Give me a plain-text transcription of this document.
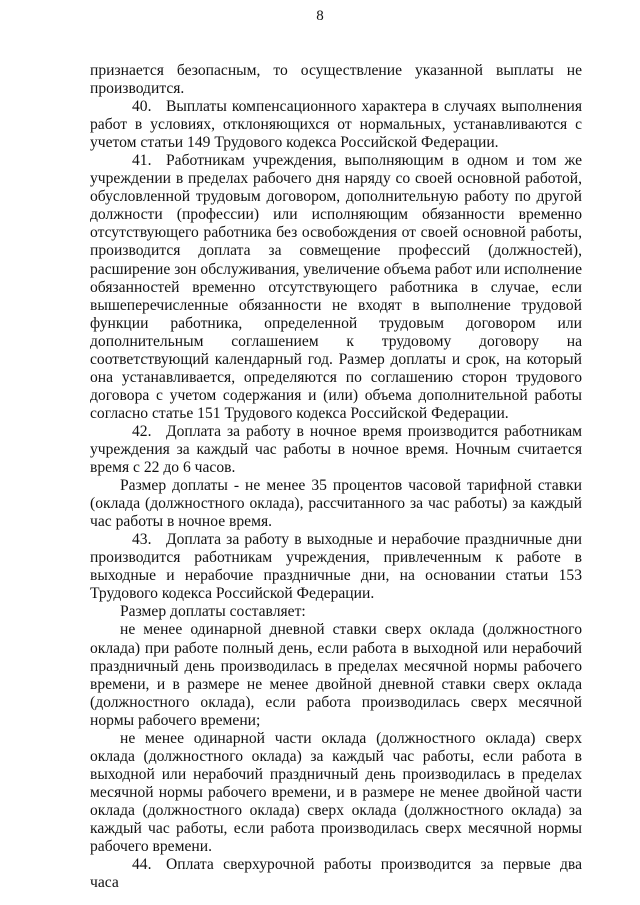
8

признается безопасным, то осуществление указанной выплаты не производится.

40. Выплаты компенсационного характера в случаях выполнения работ в условиях, отклоняющихся от нормальных, устанавливаются с учетом статьи 149 Трудового кодекса Российской Федерации.

41. Работникам учреждения, выполняющим в одном и том же учреждении в пределах рабочего дня наряду со своей основной работой, обусловленной трудовым договором, дополнительную работу по другой должности (профессии) или исполняющим обязанности временно отсутствующего работника без освобождения от своей основной работы, производится доплата за совмещение профессий (должностей), расширение зон обслуживания, увеличение объема работ или исполнение обязанностей временно отсутствующего работника в случае, если вышеперечисленные обязанности не входят в выполнение трудовой функции работника, определенной трудовым договором или дополнительным соглашением к трудовому договору на соответствующий календарный год. Размер доплаты и срок, на который она устанавливается, определяются по соглашению сторон трудового договора с учетом содержания и (или) объема дополнительной работы согласно статье 151 Трудового кодекса Российской Федерации.

42. Доплата за работу в ночное время производится работникам учреждения за каждый час работы в ночное время. Ночным считается время с 22 до 6 часов.

Размер доплаты - не менее 35 процентов часовой тарифной ставки (оклада (должностного оклада), рассчитанного за час работы) за каждый час работы в ночное время.

43. Доплата за работу в выходные и нерабочие праздничные дни производится работникам учреждения, привлеченным к работе в выходные и нерабочие праздничные дни, на основании статьи 153 Трудового кодекса Российской Федерации.

Размер доплаты составляет:

не менее одинарной дневной ставки сверх оклада (должностного оклада) при работе полный день, если работа в выходной или нерабочий праздничный день производилась в пределах месячной нормы рабочего времени, и в размере не менее двойной дневной ставки сверх оклада (должностного оклада), если работа производилась сверх месячной нормы рабочего времени;

не менее одинарной части оклада (должностного оклада) сверх оклада (должностного оклада) за каждый час работы, если работа в выходной или нерабочий праздничный день производилась в пределах месячной нормы рабочего времени, и в размере не менее двойной части оклада (должностного оклада) сверх оклада (должностного оклада) за каждый час работы, если работа производилась сверх месячной нормы рабочего времени.

44. Оплата сверхурочной работы производится за первые два часа
